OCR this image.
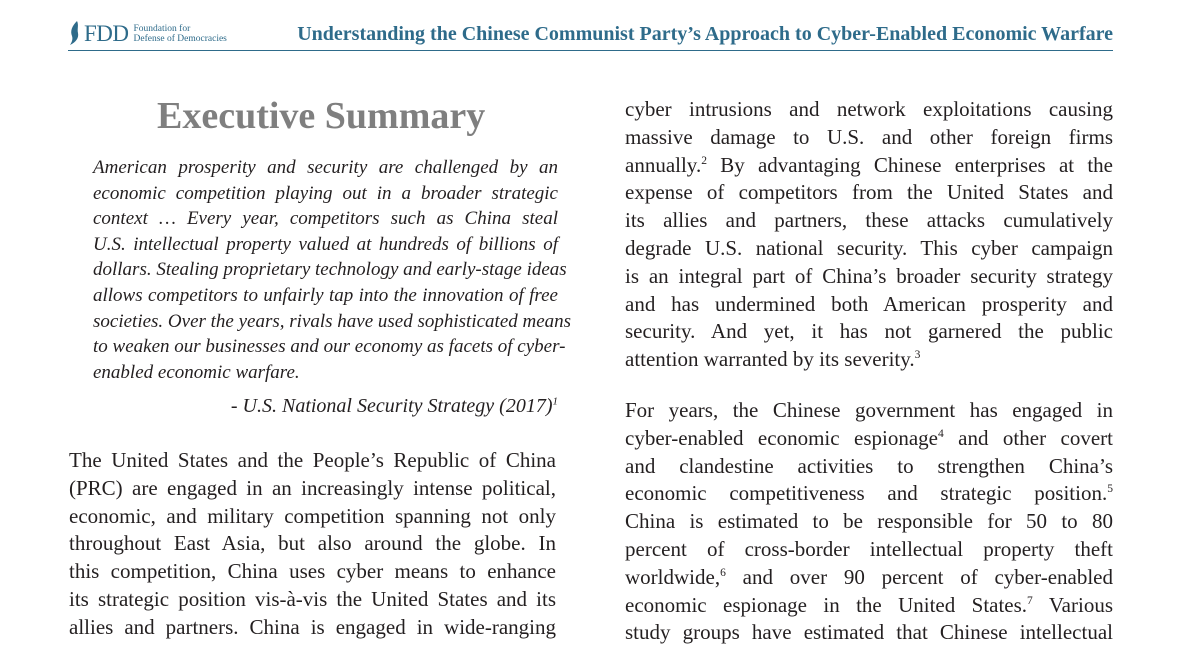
FDD Foundation for
Defense of Democracies	Understanding the Chinese Communist Party’s Approach to Cyber-Enabled Economic Warfare
Executive Summary
American prosperity and security are challenged by an
economic competition playing out in a broader strategic
context … Every year, competitors such as China steal
U.S. intellectual property valued at hundreds of billions of
dollars. Stealing proprietary technology and early-stage ideas
allows competitors to unfairly tap into the innovation of free
societies. Over the years, rivals have used sophisticated means
to weaken our businesses and our economy as facets of cyber-
enabled economic warfare.
- U.S. National Security Strategy $(2017)^1$
The United States and the People’s Republic of China
(PRC) are engaged in an increasingly intense political,
economic, and military competition spanning not only
throughout East Asia, but also around the globe. In
this competition, China uses cyber means to enhance
its strategic position vis-à-vis the United States and its
allies and partners. China is engaged in wide-ranging
cyber intrusions and network exploitations causing
massive damage to U.S. and other foreign firms
annually.$^2$ By advantaging Chinese enterprises at the
expense of competitors from the United States and
its allies and partners, these attacks cumulatively
degrade U.S. national security. This cyber campaign
is an integral part of China’s broader security strategy
and has undermined both American prosperity and
security. And yet, it has not garnered the public
attention warranted by its severity.$^3$
For years, the Chinese government has engaged in
cyber-enabled economic espionage$^4$ and other covert
and clandestine activities to strengthen China’s
economic competitiveness and strategic position.$^5$
China is estimated to be responsible for 50 to 80
percent of cross-border intellectual property theft
worldwide,$^6$ and over 90 percent of cyber-enabled
economic espionage in the United States.$^7$ Various
study groups have estimated that Chinese intellectual
